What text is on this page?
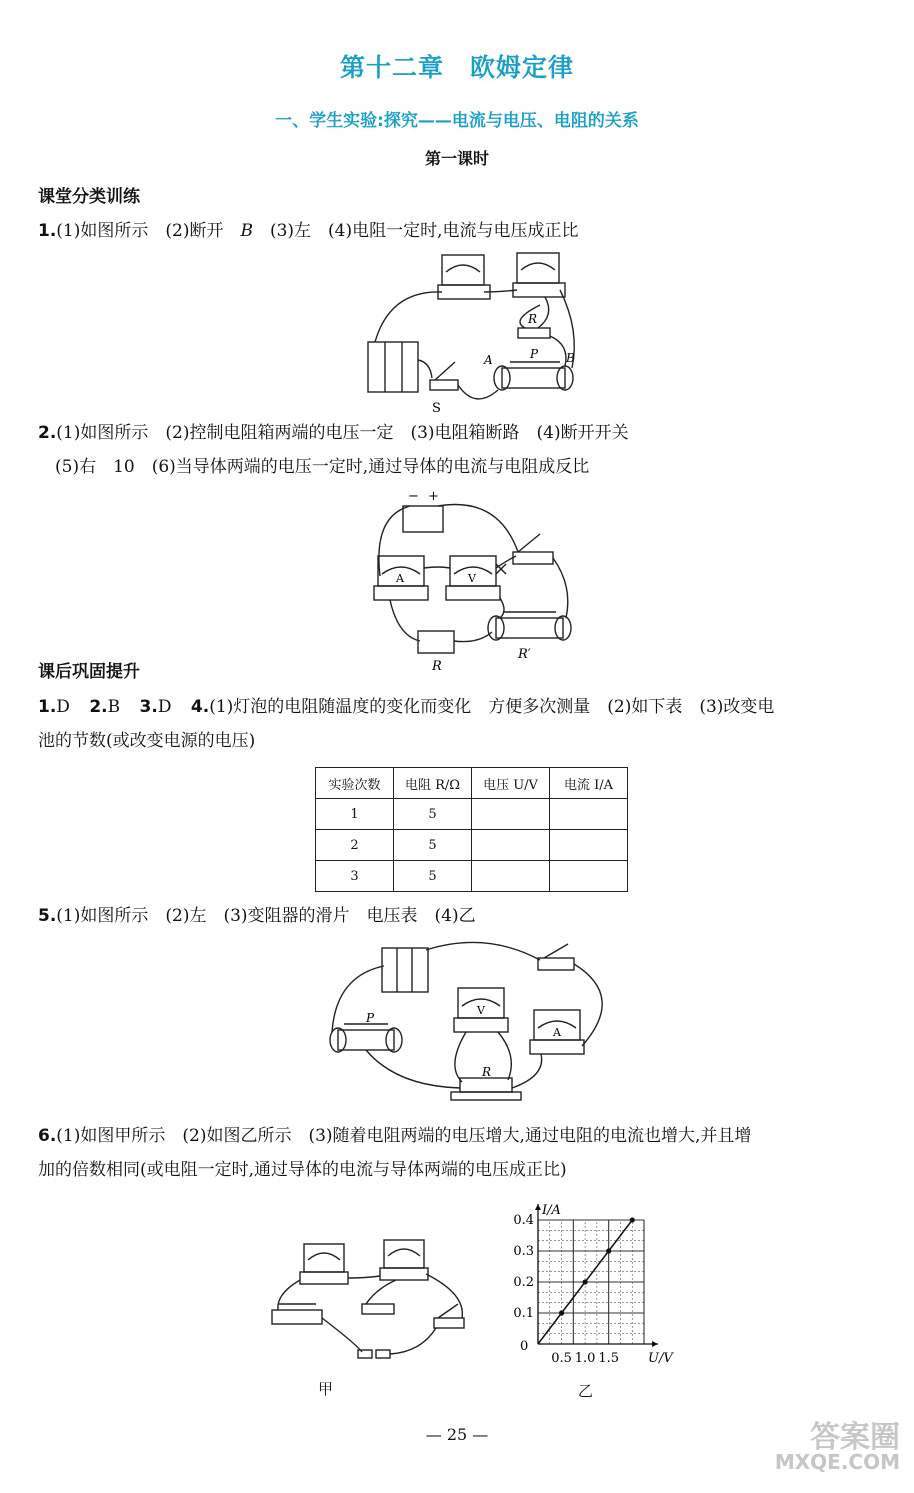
第十二章　欧姆定律
一、学生实验:探究——电流与电压、电阻的关系
第一课时
课堂分类训练
1.(1)如图所示　(2)断开　B　(3)左　(4)电阻一定时,电流与电压成正比
R
A	P B
S
2.(1)如图所示　(2)控制电阻箱两端的电压一定　(3)电阻箱断路　(4)断开开关
(5)右　10　(6)当导体两端的电压一定时,通过导体的电流与电阻成反比
− +
A	V
R
R′
课后巩固提升
1.D 2.B 3.D 4.(1)灯泡的电阻随温度的变化而变化　方便多次测量　(2)如下表　(3)改变电
池的节数(或改变电源的电压)
实验次数	电阻 R/Ω	电压 U/V	电流 I/A
1	5		
2	5		
3	5		
5.(1)如图所示　(2)左　(3)变阻器的滑片　电压表　(4)乙
P
V
A
R
6.(1)如图甲所示　(2)如图乙所示　(3)随着电阻两端的电压增大,通过电阻的电流也增大,并且增
加的倍数相同(或电阻一定时,通过导体的电流与导体两端的电压成正比)
甲
U/V
I/A
0
0.5 1.0 1.5
0.1
0.2
0.3
0.4
乙
— 25 —	答案圈
MXQE.COM
